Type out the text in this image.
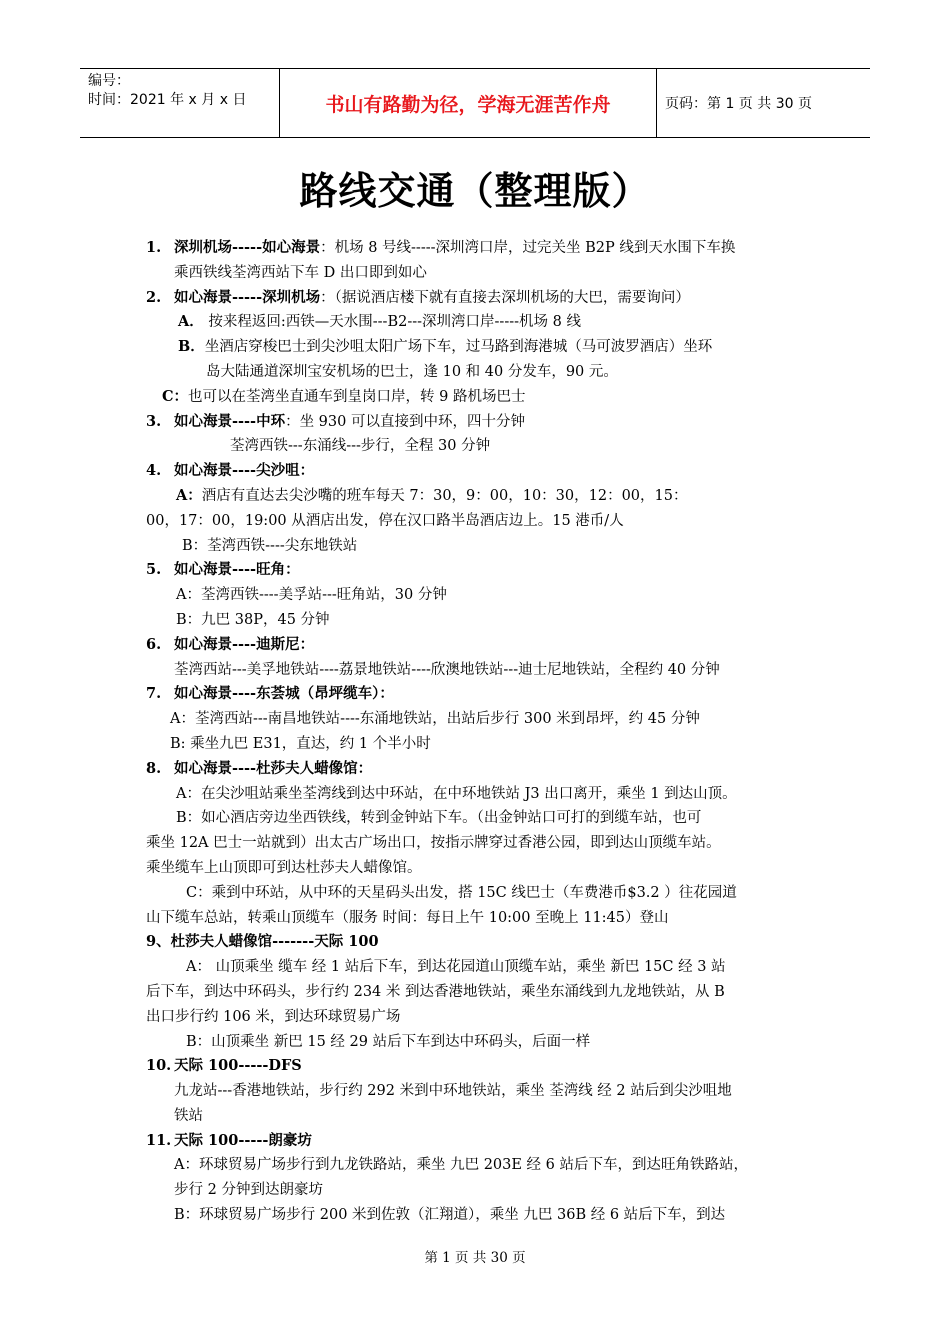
编号：
时间：2021 年 x 月 x 日	书山有路勤为径，学海无涯苦作舟	页码：第 1 页 共 30 页
路线交通（整理版）
1. 深圳机场-----如心海景：机场 8 号线-----深圳湾口岸，过完关坐 B2P 线到天水围下车换
乘西铁线荃湾西站下车 D 出口即到如心
2. 如心海景-----深圳机场：（据说酒店楼下就有直接去深圳机场的大巴，需要询问）
A． 按来程返回:西铁—天水围---B2---深圳湾口岸-----机场 8 线
B．坐酒店穿梭巴士到尖沙咀太阳广场下车，过马路到海港城（马可波罗酒店）坐环
岛大陆通道深圳宝安机场的巴士，逢 10 和 40 分发车，90 元。
C：也可以在荃湾坐直通车到皇岗口岸，转 9 路机场巴士
3. 如心海景----中环：坐 930 可以直接到中环，四十分钟
荃湾西铁---东涌线---步行，全程 30 分钟
4. 如心海景----尖沙咀：
A：酒店有直达去尖沙嘴的班车每天 7：30，9：00，10：30，12：00，15：
00，17：00，19:00 从酒店出发，停在汉口路半岛酒店边上。15 港币/人
B：荃湾西铁----尖东地铁站
5. 如心海景----旺角：
A：荃湾西铁----美孚站---旺角站，30 分钟
B：九巴 38P，45 分钟
6. 如心海景----迪斯尼：
荃湾西站---美孚地铁站----荔景地铁站----欣澳地铁站---迪士尼地铁站，全程约 40 分钟
7. 如心海景----东荟城（昂坪缆车）：
A：荃湾西站---南昌地铁站----东涌地铁站，出站后步行 300 米到昂坪，约 45 分钟
B: 乘坐九巴 E31，直达，约 1 个半小时
8. 如心海景----杜莎夫人蜡像馆：
A：在尖沙咀站乘坐荃湾线到达中环站，在中环地铁站 J3 出口离开，乘坐 1 到达山顶。
B：如心酒店旁边坐西铁线，转到金钟站下车。（出金钟站口可打的到缆车站，也可
乘坐 12A 巴士一站就到）出太古广场出口，按指示牌穿过香港公园，即到达山顶缆车站。
乘坐缆车上山顶即可到达杜莎夫人蜡像馆。
C：乘到中环站，从中环的天星码头出发，搭 15C 线巴士（车费港币$3.2 ）往花园道
山下缆车总站，转乘山顶缆车（服务 时间：每日上午 10:00 至晚上 11:45）登山
9、杜莎夫人蜡像馆-------天际 100
A： 山顶乘坐 缆车 经 1 站后下车，到达花园道山顶缆车站，乘坐 新巴 15C 经 3 站
后下车，到达中环码头，步行约 234 米 到达香港地铁站，乘坐东涌线到九龙地铁站，从 B
出口步行约 106 米，到达环球贸易广场
B：山顶乘坐 新巴 15 经 29 站后下车到达中环码头，后面一样
10. 天际 100-----DFS
九龙站---香港地铁站，步行约 292 米到中环地铁站，乘坐 荃湾线 经 2 站后到尖沙咀地
铁站
11. 天际 100-----朗豪坊
A：环球贸易广场步行到九龙铁路站，乘坐 九巴 203E 经 6 站后下车，到达旺角铁路站，
步行 2 分钟到达朗豪坊
B：环球贸易广场步行 200 米到佐敦（汇翔道），乘坐 九巴 36B 经 6 站后下车，到达
第 1 页 共 30 页
